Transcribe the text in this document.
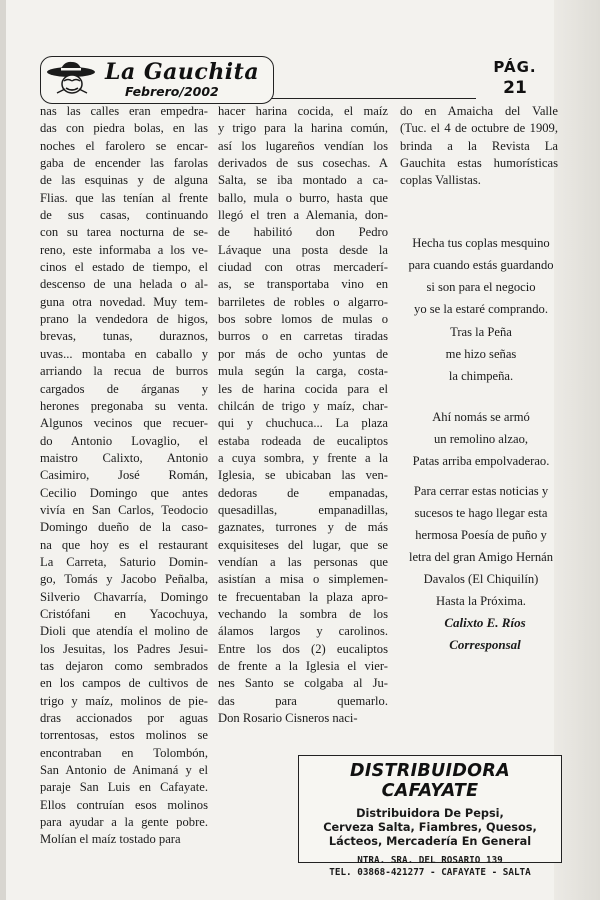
La Gauchita
Febrero/2002
PÁG.
21
nas las calles eran empedra-
das con piedra bolas, en las
noches el farolero se encar-
gaba de encender las farolas
de las esquinas y de alguna
Flias. que las tenían al frente
de sus casas, continuando
con su tarea nocturna de se-
reno, este informaba a los ve-
cinos el estado de tiempo, el
descenso de una helada o al-
guna otra novedad. Muy tem-
prano la vendedora de higos,
brevas, tunas, duraznos,
uvas... montaba en caballo y
arriando la recua de burros
cargados de árganas y
herones pregonaba su venta.
Algunos vecinos que recuer-
do Antonio Lovaglio, el
maistro Calixto, Antonio
Casimiro, José Román,
Cecilio Domingo que antes
vivía en San Carlos, Teodocio
Domingo dueño de la caso-
na que hoy es el restaurant
La Carreta, Saturio Domin-
go, Tomás y Jacobo Peñalba,
Silverio Chavarría, Domingo
Cristófani en Yacochuya,
Dioli que atendía el molino de
los Jesuitas, los Padres Jesui-
tas dejaron como sembrados
en los campos de cultivos de
trigo y maíz, molinos de pie-
dras accionados por aguas
torrentosas, estos molinos se
encontraban en Tolombón,
San Antonio de Animaná y el
paraje San Luis en Cafayate.
Ellos contruían esos molinos
para ayudar a la gente pobre.
Molían el maíz tostado para
hacer harina cocida, el maíz
y trigo para la harina común,
así los lugareños vendían los
derivados de sus cosechas. A
Salta, se iba montado a ca-
ballo, mula o burro, hasta que
llegó el tren a Alemania, don-
de habilitó don Pedro
Lávaque una posta desde la
ciudad con otras mercaderí-
as, se transportaba vino en
barriletes de robles o algarro-
bos sobre lomos de mulas o
burros o en carretas tiradas
por más de ocho yuntas de
mula según la carga, costa-
les de harina cocida para el
chilcán de trigo y maíz, char-
qui y chuchuca... La plaza
estaba rodeada de eucaliptos
a cuya sombra, y frente a la
Iglesia, se ubicaban las ven-
dedoras de empanadas,
quesadillas, empanadillas,
gaznates, turrones y de más
exquisiteses del lugar, que se
vendían a las personas que
asistían a misa o simplemen-
te frecuentaban la plaza apro-
vechando la sombra de los
álamos largos y carolinos.
Entre los dos (2) eucaliptos
de frente a la Iglesia el vier-
nes Santo se colgaba al Ju-
das para quemarlo.
Don Rosario Cisneros naci-
do en Amaicha del Valle
(Tuc. el 4 de octubre de 1909,
brinda a la Revista La
Gauchita estas humorísticas
coplas Vallistas.
Hecha tus coplas mesquino
para cuando estás guardando
si son para el negocio
yo se la estaré comprando.
Tras la Peña
me hizo señas
la chimpeña.
Ahí nomás se armó
un remolino alzao,
Patas arriba empolvaderao.
Para cerrar estas noticias y
sucesos te hago llegar esta
hermosa Poesía de puño y
letra del gran Amigo Hernán
Davalos (El Chiquilín)
Hasta la Próxima.
Calixto E. Ríos
Corresponsal
DISTRIBUIDORA CAFAYATE
Distribuidora De Pepsi,
Cerveza Salta, Fiambres, Quesos,
Lácteos, Mercadería En General
NTRA. SRA. DEL ROSARIO 139
TEL. 03868-421277 - CAFAYATE - SALTA
